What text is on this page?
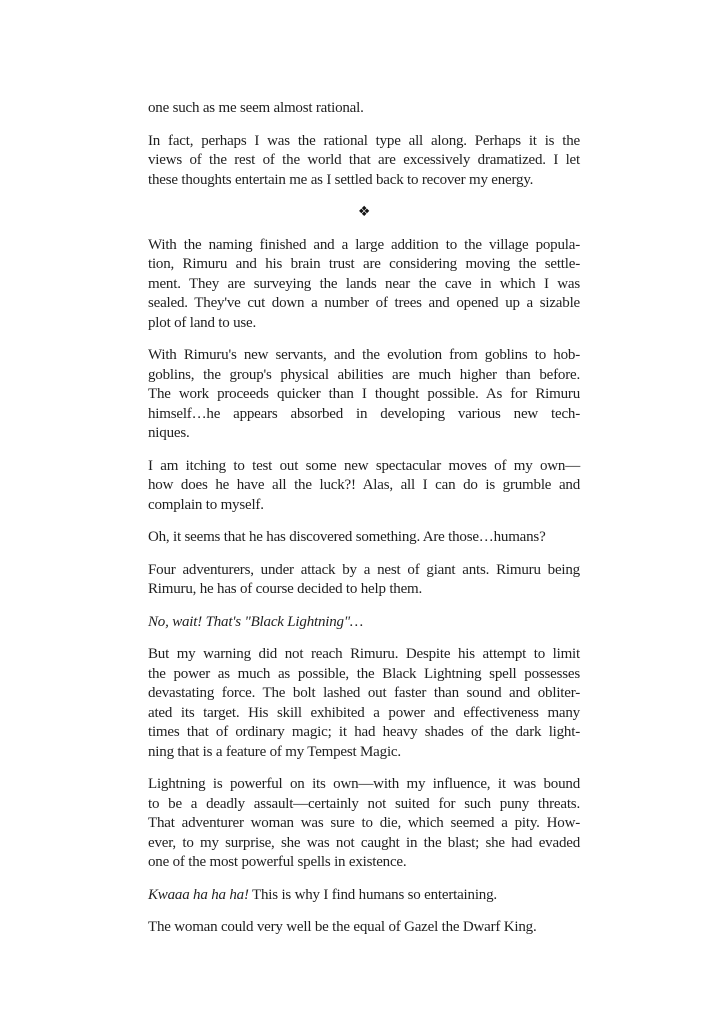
one such as me seem almost rational.
In fact, perhaps I was the rational type all along. Perhaps it is the
views of the rest of the world that are excessively dramatized. I let
these thoughts entertain me as I settled back to recover my energy.
❖
With the naming finished and a large addition to the village popula-
tion, Rimuru and his brain trust are considering moving the settle-
ment. They are surveying the lands near the cave in which I was
sealed. They've cut down a number of trees and opened up a sizable
plot of land to use.
With Rimuru's new servants, and the evolution from goblins to hob-
goblins, the group's physical abilities are much higher than before.
The work proceeds quicker than I thought possible. As for Rimuru
himself…he appears absorbed in developing various new tech-
niques.
I am itching to test out some new spectacular moves of my own—
how does he have all the luck?! Alas, all I can do is grumble and
complain to myself.
Oh, it seems that he has discovered something. Are those…humans?
Four adventurers, under attack by a nest of giant ants. Rimuru being
Rimuru, he has of course decided to help them.
No, wait! That's "Black Lightning"…
But my warning did not reach Rimuru. Despite his attempt to limit
the power as much as possible, the Black Lightning spell possesses
devastating force. The bolt lashed out faster than sound and obliter-
ated its target. His skill exhibited a power and effectiveness many
times that of ordinary magic; it had heavy shades of the dark light-
ning that is a feature of my Tempest Magic.
Lightning is powerful on its own—with my influence, it was bound
to be a deadly assault—certainly not suited for such puny threats.
That adventurer woman was sure to die, which seemed a pity. How-
ever, to my surprise, she was not caught in the blast; she had evaded
one of the most powerful spells in existence.
Kwaaa ha ha ha! This is why I find humans so entertaining.
The woman could very well be the equal of Gazel the Dwarf King.
